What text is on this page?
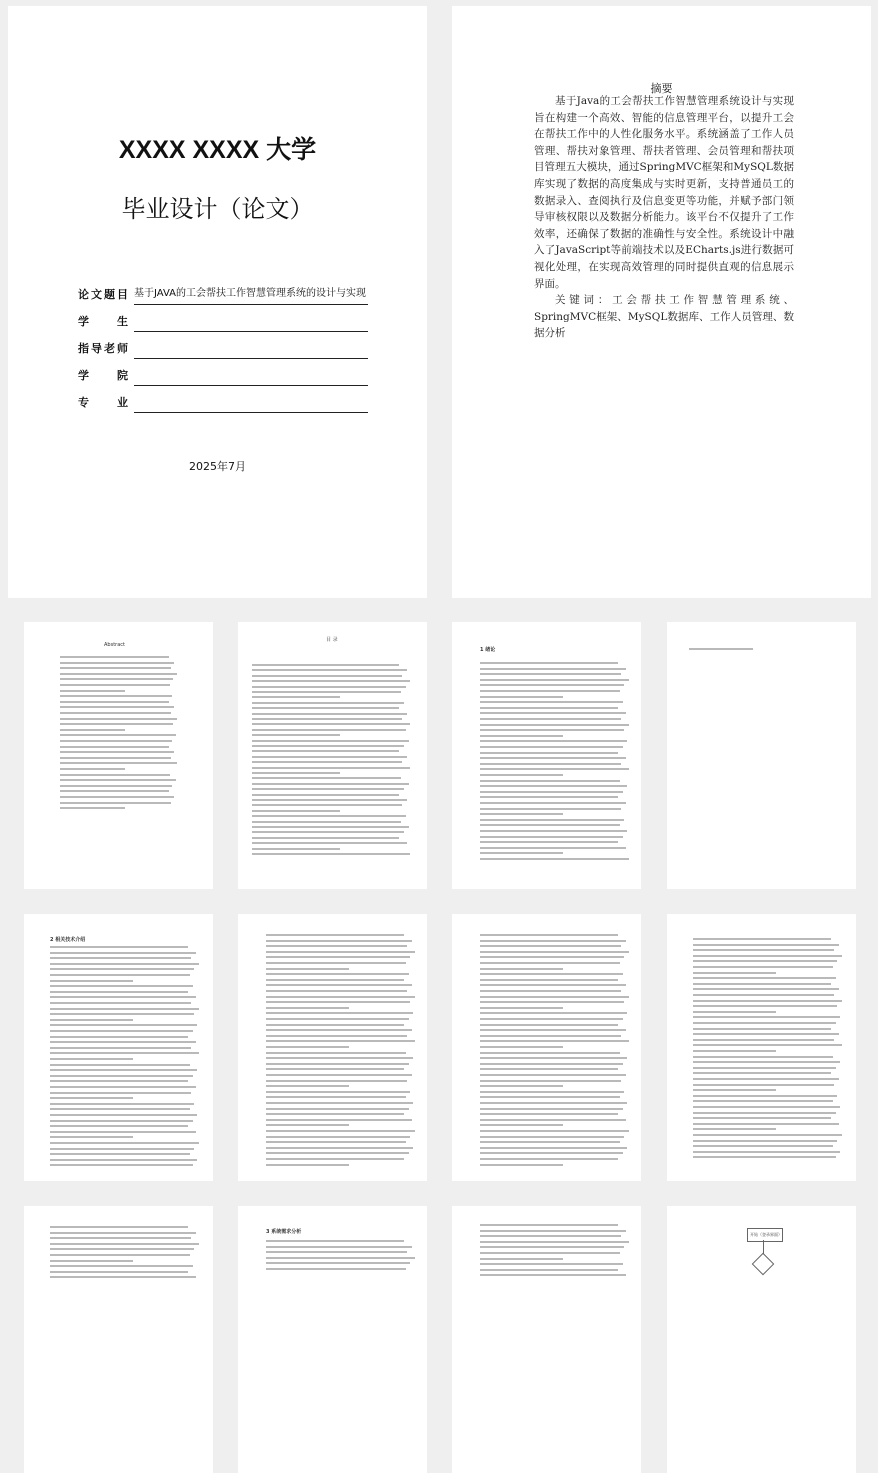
XXXX XXXX 大学
毕业设计（论文）
论文题目 基于JAVA的工会帮扶工作智慧管理系统的设计与实现
学生
指导老师
学院
专业
2025年7月
摘要

基于Java的工会帮扶工作智慧管理系统设计与实现旨在构建一个高效、智能的信息管理平台，以提升工会在帮扶工作中的人性化服务水平。系统涵盖了工作人员管理、帮扶对象管理、帮扶者管理、会员管理和帮扶项目管理五大模块，通过SpringMVC框架和MySQL数据库实现了数据的高度集成与实时更新，支持普通员工的数据录入、查阅执行及信息变更等功能，并赋予部门领导审核权限以及数据分析能力。该平台不仅提升了工作效率，还确保了数据的准确性与安全性。系统设计中融入了JavaScript等前端技术以及ECharts.js进行数据可视化处理，在实现高效管理的同时提供直观的信息展示界面。

关键词：工会帮扶工作智慧管理系统、SpringMVC框架、MySQL数据库、工作人员管理、数据分析

Abstract
目 录
1 绪论
2 相关技术介绍
3 系统需求分析	开始（登录界面）
